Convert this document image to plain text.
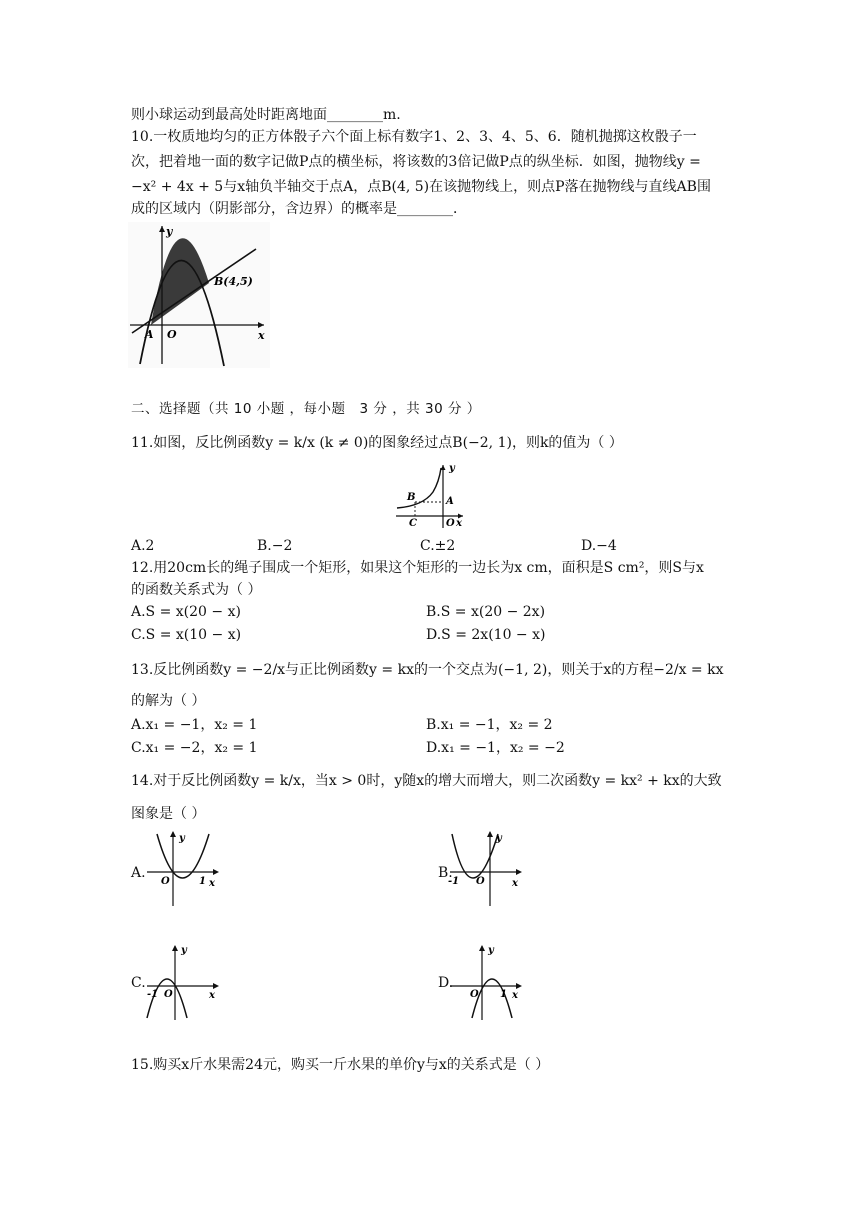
则小球运动到最高处时距离地面________m.
10.一枚质地均匀的正方体骰子六个面上标有数字1、2、3、4、5、6．随机抛掷这枚骰子一
次，把着地一面的数字记做P点的横坐标，将该数的3倍记做P点的纵坐标．如图，抛物线y =
−x² + 4x + 5与x轴负半轴交于点A，点B(4, 5)在该抛物线上，则点P落在抛物线与直线AB围
成的区域内（阴影部分，含边界）的概率是________．
y
x
O
A
B(4,5)
二、选择题（共 10 小题 ，每小题　3 分 ，共 30 分 ）
11.如图，反比例函数y = k/x (k ≠ 0)的图象经过点B(−2, 1)，则k的值为（ ）
y
x
O
B	A
C
A.2	B.−2	C.±2	D.−4
12.用20cm长的绳子围成一个矩形，如果这个矩形的一边长为x cm，面积是S cm²，则S与x
的函数关系式为（ ）
A.S = x(20 − x)	B.S = x(20 − 2x)
C.S = x(10 − x)	D.S = 2x(10 − x)
13.反比例函数y = −2/x与正比例函数y = kx的一个交点为(−1, 2)，则关于x的方程−2/x = kx
的解为（ ）
A.x₁ = −1，x₂ = 1	B.x₁ = −1，x₂ = 2
C.x₁ = −2，x₂ = 1	D.x₁ = −1，x₂ = −2
14.对于反比例函数y = k/x，当x > 0时，y随x的增大而增大，则二次函数y = kx² + kx的大致
图象是（ ）
A.
y
x
O	1
B.
y
x
O
-1
C.
y
x
O
-1
D.
y
x
O 1
15.购买x斤水果需24元，购买一斤水果的单价y与x的关系式是（ ）
